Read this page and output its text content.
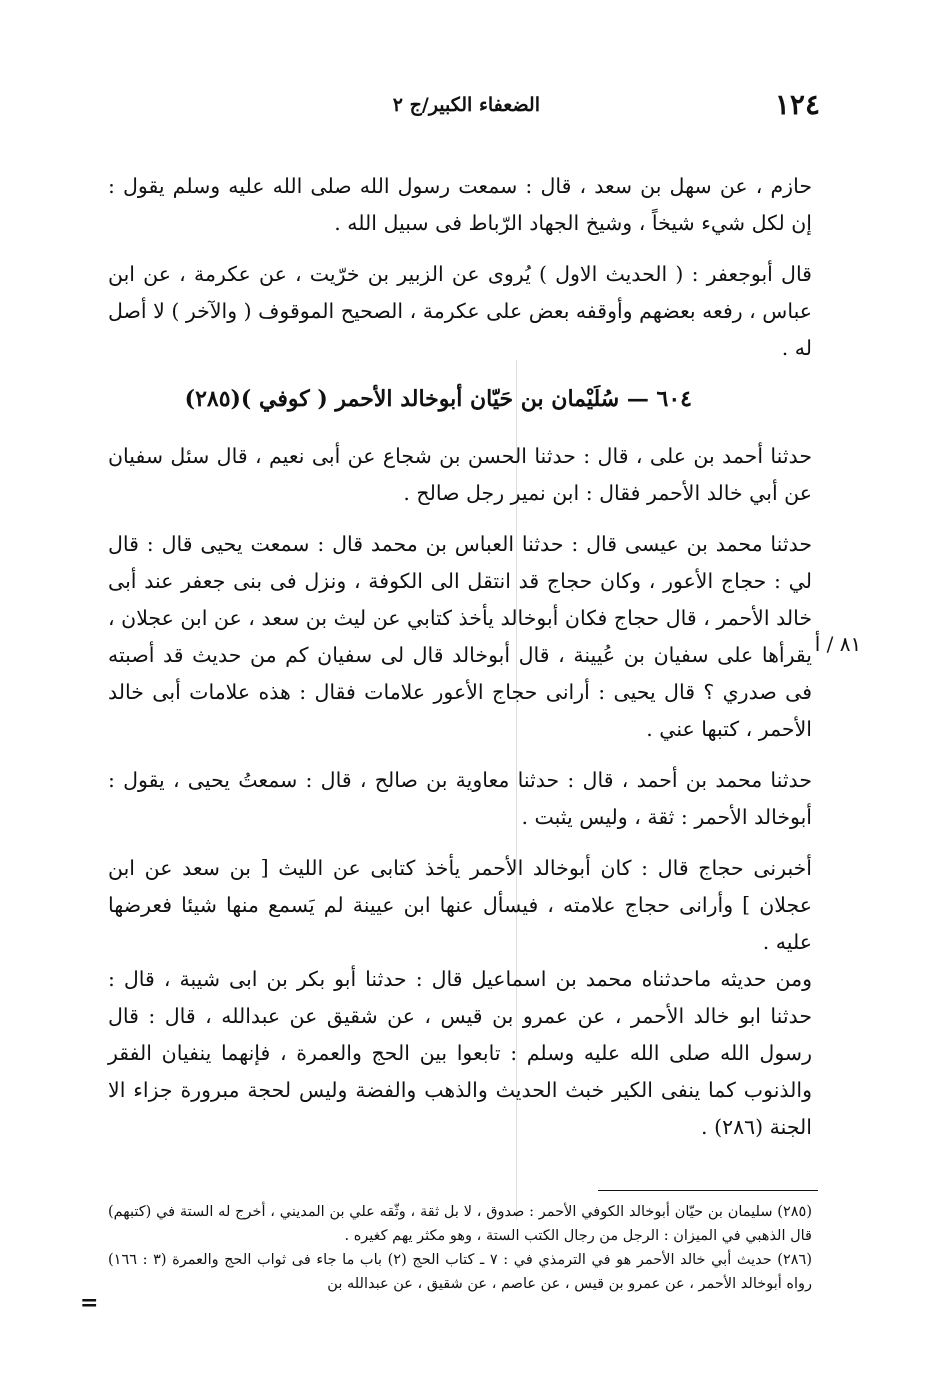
١٢٤
الضعفاء الكبير/ج ٢

حازم ، عن سهل بن سعد ، قال : سمعت رسول الله صلى الله عليه وسلم يقول : إن لكل شيء شيخاً ، وشيخ الجهاد الرّباط فى سبيل الله .

قال أبوجعفر : ( الحديث الاول ) يُروى عن الزبير بن خرّيت ، عن عكرمة ، عن ابن عباس ، رفعه بعضهم وأوقفه بعض على عكرمة ، الصحيح الموقوف ( والآخر ) لا أصل له .

٦٠٤ — سُلَيْمان بن حَيّان أبوخالد الأحمر ( كوفي )(٢٨٥)

حدثنا أحمد بن على ، قال : حدثنا الحسن بن شجاع عن أبى نعيم ، قال سئل سفيان عن أبي خالد الأحمر فقال : ابن نمير رجل صالح .

حدثنا محمد بن عيسى قال : حدثنا العباس بن محمد قال : سمعت يحيى قال : قال لي : حجاج الأعور ، وكان حجاج قد انتقل الى الكوفة ، ونزل فى بنى جعفر عند أبى خالد الأحمر ، قال حجاج فكان أبوخالد يأخذ كتابي عن ليث بن سعد ، عن ابن عجلان ، يقرأها على سفيان بن عُيينة ، قال أبوخالد قال لى سفيان كم من حديث قد أصبته فى صدري ؟ قال يحيى : أرانى حجاج الأعور علامات فقال : هذه علامات أبى خالد الأحمر ، كتبها عني .

حدثنا محمد بن أحمد ، قال : حدثنا معاوية بن صالح ، قال : سمعتُ يحيى ، يقول : أبوخالد الأحمر : ثقة ، وليس يثبت .

أخبرنى حجاج قال : كان أبوخالد الأحمر يأخذ كتابى عن الليث [ بن سعد عن ابن عجلان ] وأرانى حجاج علامته ، فيسأل عنها ابن عيينة لم يَسمع منها شيئا فعرضها عليه .

ومن حديثه ماحدثناه محمد بن اسماعيل قال : حدثنا أبو بكر بن ابى شيبة ، قال : حدثنا ابو خالد الأحمر ، عن عمرو بن قيس ، عن شقيق عن عبدالله ، قال : قال رسول الله صلى الله عليه وسلم : تابعوا بين الحج والعمرة ، فإنهما ينفيان الفقر والذنوب كما ينفى الكير خبث الحديث والذهب والفضة وليس لحجة مبرورة جزاء الا الجنة (٢٨٦) .

٨١ / أ

(٢٨٥) سليمان بن حيّان أبوخالد الكوفي الأحمر : صدوق ، لا بل ثقة ، وثّقه علي بن المديني ، أخرج له الستة في (كتبهم) قال الذهبي في الميزان : الرجل من رجال الكتب الستة ، وهو مكثر يهم كغيره .

(٢٨٦) حديث أبي خالد الأحمر هو في الترمذي في : ٧ ـ كتاب الحج (٢) باب ما جاء فى ثواب الحج والعمرة (٣ : ١٦٦) رواه أبوخالد الأحمر ، عن عمرو بن قيس ، عن عاصم ، عن شقيق ، عن عبدالله بن

=
